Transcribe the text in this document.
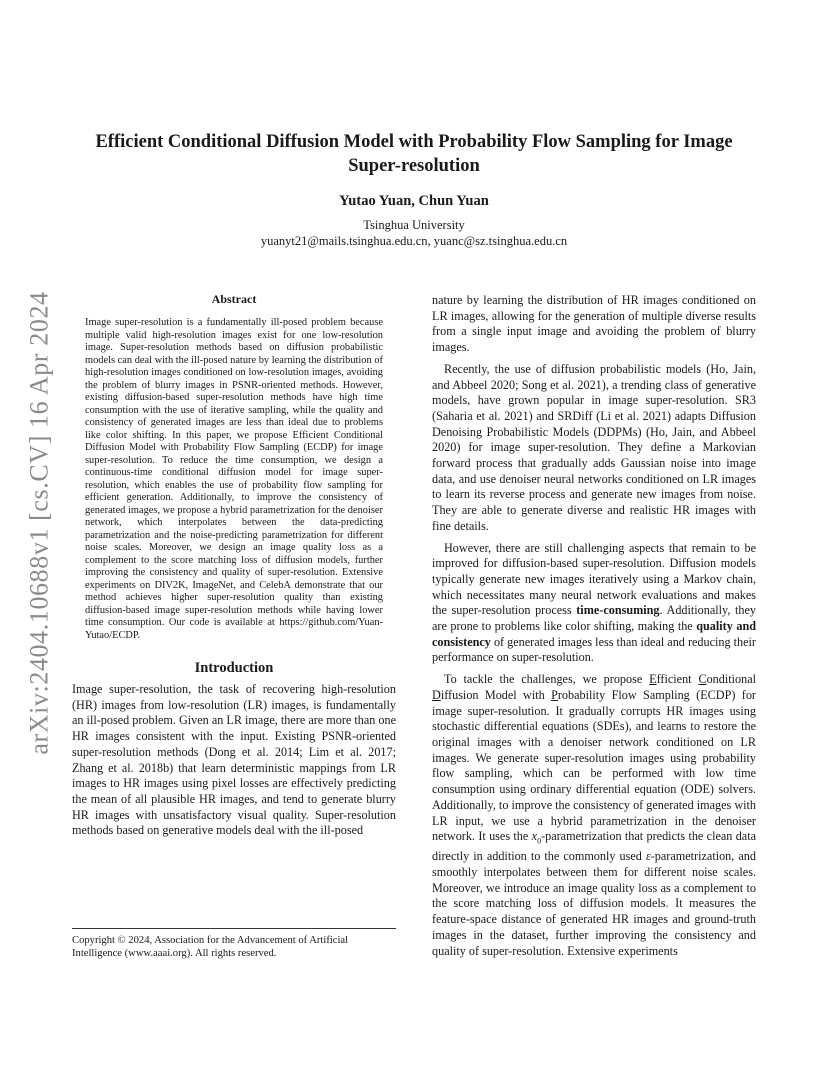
arXiv:2404.10688v1 [cs.CV] 16 Apr 2024
Efficient Conditional Diffusion Model with Probability Flow Sampling for Image Super-resolution
Yutao Yuan, Chun Yuan
Tsinghua University
yuanyt21@mails.tsinghua.edu.cn, yuanc@sz.tsinghua.edu.cn
Abstract

Image super-resolution is a fundamentally ill-posed problem because multiple valid high-resolution images exist for one low-resolution image. Super-resolution methods based on diffusion probabilistic models can deal with the ill-posed nature by learning the distribution of high-resolution images conditioned on low-resolution images, avoiding the problem of blurry images in PSNR-oriented methods. However, existing diffusion-based super-resolution methods have high time consumption with the use of iterative sampling, while the quality and consistency of generated images are less than ideal due to problems like color shifting. In this paper, we propose Efficient Conditional Diffusion Model with Probability Flow Sampling (ECDP) for image super-resolution. To reduce the time consumption, we design a continuous-time conditional diffusion model for image super-resolution, which enables the use of probability flow sampling for efficient generation. Additionally, to improve the consistency of generated images, we propose a hybrid parametrization for the denoiser network, which interpolates between the data-predicting parametrization and the noise-predicting parametrization for different noise scales. Moreover, we design an image quality loss as a complement to the score matching loss of diffusion models, further improving the consistency and quality of super-resolution. Extensive experiments on DIV2K, ImageNet, and CelebA demonstrate that our method achieves higher super-resolution quality than existing diffusion-based image super-resolution methods while having lower time consumption. Our code is available at https://github.com/Yuan-Yutao/ECDP.

Introduction

Image super-resolution, the task of recovering high-resolution (HR) images from low-resolution (LR) images, is fundamentally an ill-posed problem. Given an LR image, there are more than one HR images consistent with the input. Existing PSNR-oriented super-resolution methods (Dong et al. 2014; Lim et al. 2017; Zhang et al. 2018b) that learn deterministic mappings from LR images to HR images using pixel losses are effectively predicting the mean of all plausible HR images, and tend to generate blurry HR images with unsatisfactory visual quality. Super-resolution methods based on generative models deal with the ill-posed

Copyright © 2024, Association for the Advancement of Artificial Intelligence (www.aaai.org). All rights reserved.

nature by learning the distribution of HR images conditioned on LR images, allowing for the generation of multiple diverse results from a single input image and avoiding the problem of blurry images.

Recently, the use of diffusion probabilistic models (Ho, Jain, and Abbeel 2020; Song et al. 2021), a trending class of generative models, have grown popular in image super-resolution. SR3 (Saharia et al. 2021) and SRDiff (Li et al. 2021) adapts Diffusion Denoising Probabilistic Models (DDPMs) (Ho, Jain, and Abbeel 2020) for image super-resolution. They define a Markovian forward process that gradually adds Gaussian noise into image data, and use denoiser neural networks conditioned on LR images to learn its reverse process and generate new images from noise. They are able to generate diverse and realistic HR images with fine details.

However, there are still challenging aspects that remain to be improved for diffusion-based super-resolution. Diffusion models typically generate new images iteratively using a Markov chain, which necessitates many neural network evaluations and makes the super-resolution process time-consuming. Additionally, they are prone to problems like color shifting, making the quality and consistency of generated images less than ideal and reducing their performance on super-resolution.

To tackle the challenges, we propose Efficient Conditional Diffusion Model with Probability Flow Sampling (ECDP) for image super-resolution. It gradually corrupts HR images using stochastic differential equations (SDEs), and learns to restore the original images with a denoiser network conditioned on LR images. We generate super-resolution images using probability flow sampling, which can be performed with low time consumption using ordinary differential equation (ODE) solvers. Additionally, to improve the consistency of generated images with LR input, we use a hybrid parametrization in the denoiser network. It uses the $x_0$-parametrization that predicts the clean data directly in addition to the commonly used ε-parametrization, and smoothly interpolates between them for different noise scales. Moreover, we introduce an image quality loss as a complement to the score matching loss of diffusion models. It measures the feature-space distance of generated HR images and ground-truth images in the dataset, further improving the consistency and quality of super-resolution. Extensive experiments
